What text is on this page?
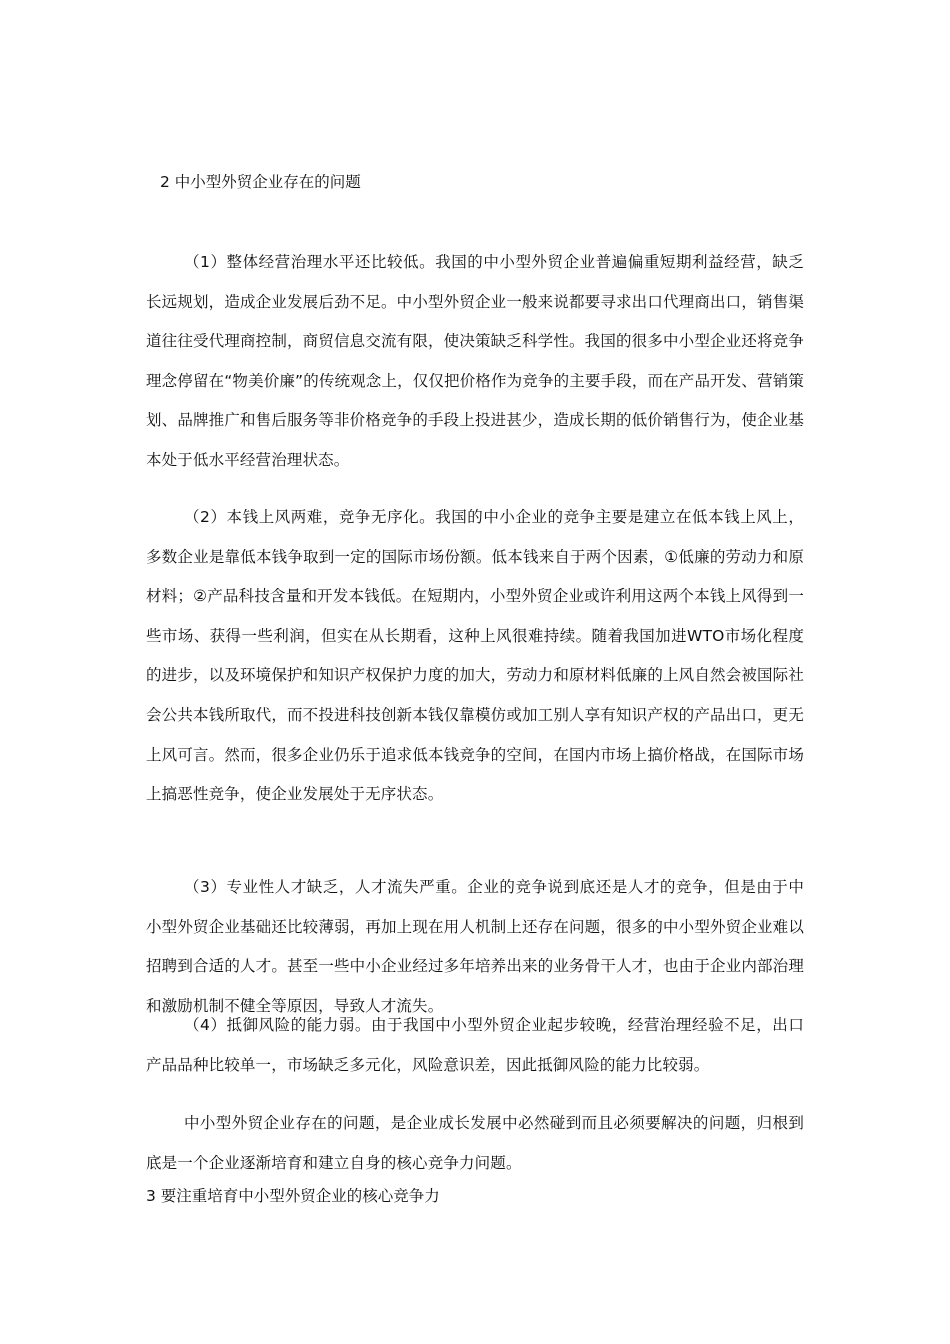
2 中小型外贸企业存在的问题

（1）整体经营治理水平还比较低。我国的中小型外贸企业普遍偏重短期利益经营，缺乏长远规划，造成企业发展后劲不足。中小型外贸企业一般来说都要寻求出口代理商出口，销售渠道往往受代理商控制，商贸信息交流有限，使决策缺乏科学性。我国的很多中小型企业还将竞争理念停留在“物美价廉”的传统观念上，仅仅把价格作为竞争的主要手段，而在产品开发、营销策划、品牌推广和售后服务等非价格竞争的手段上投进甚少，造成长期的低价销售行为，使企业基本处于低水平经营治理状态。

（2）本钱上风两难，竞争无序化。我国的中小企业的竞争主要是建立在低本钱上风上，多数企业是靠低本钱争取到一定的国际市场份额。低本钱来自于两个因素，①低廉的劳动力和原材料；②产品科技含量和开发本钱低。在短期内，小型外贸企业或许利用这两个本钱上风得到一些市场、获得一些利润，但实在从长期看，这种上风很难持续。随着我国加进WTO市场化程度的进步，以及环境保护和知识产权保护力度的加大，劳动力和原材料低廉的上风自然会被国际社会公共本钱所取代，而不投进科技创新本钱仅靠模仿或加工别人享有知识产权的产品出口，更无上风可言。然而，很多企业仍乐于追求低本钱竞争的空间，在国内市场上搞价格战，在国际市场上搞恶性竞争，使企业发展处于无序状态。

（3）专业性人才缺乏，人才流失严重。企业的竞争说到底还是人才的竞争，但是由于中小型外贸企业基础还比较薄弱，再加上现在用人机制上还存在问题，很多的中小型外贸企业难以招聘到合适的人才。甚至一些中小企业经过多年培养出来的业务骨干人才，也由于企业内部治理和激励机制不健全等原因，导致人才流失。

（4）抵御风险的能力弱。由于我国中小型外贸企业起步较晚，经营治理经验不足，出口产品品种比较单一，市场缺乏多元化，风险意识差，因此抵御风险的能力比较弱。

中小型外贸企业存在的问题，是企业成长发展中必然碰到而且必须要解决的问题，归根到底是一个企业逐渐培育和建立自身的核心竞争力问题。

3 要注重培育中小型外贸企业的核心竞争力
